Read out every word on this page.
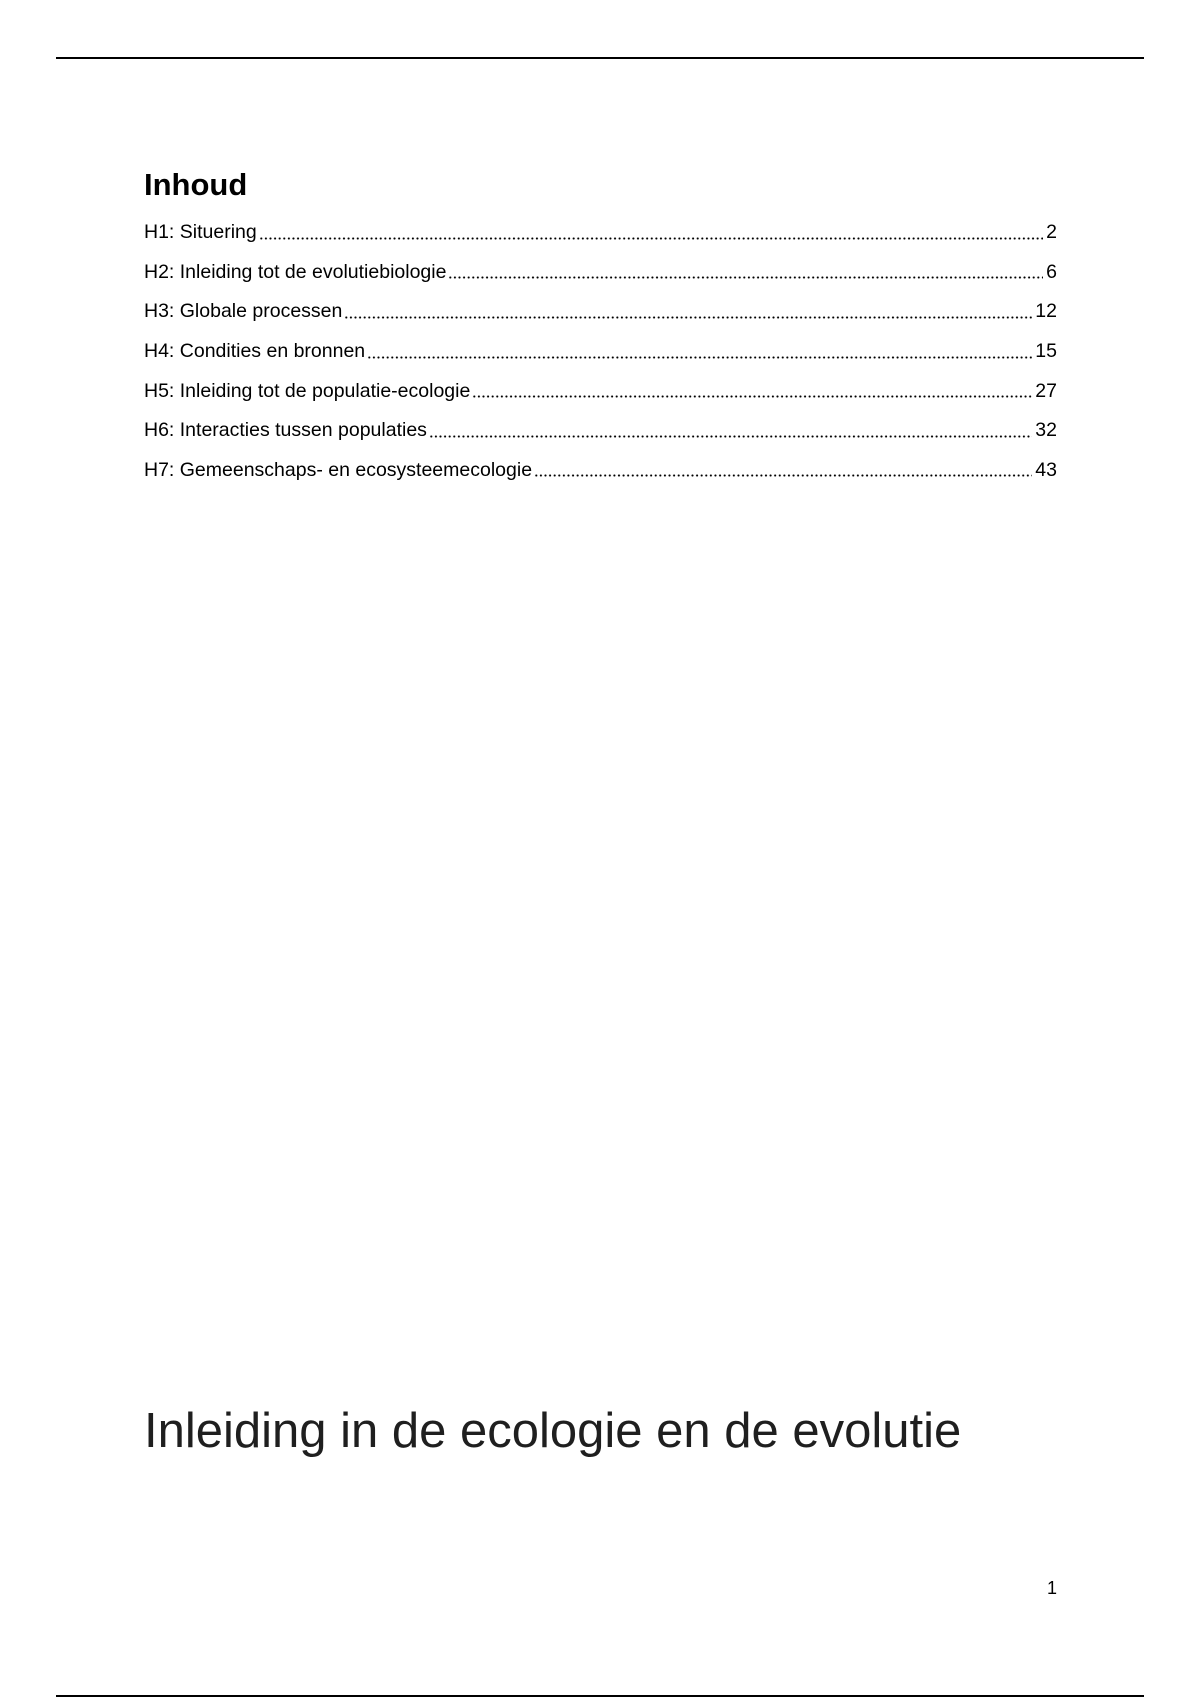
Inhoud
H1: Situering	2
H2: Inleiding tot de evolutiebiologie	6
H3: Globale processen	12
H4: Condities en bronnen	15
H5: Inleiding tot de populatie-ecologie	27
H6: Interacties tussen populaties	32
H7: Gemeenschaps- en ecosysteemecologie	43
Inleiding in de ecologie en de evolutie
1
